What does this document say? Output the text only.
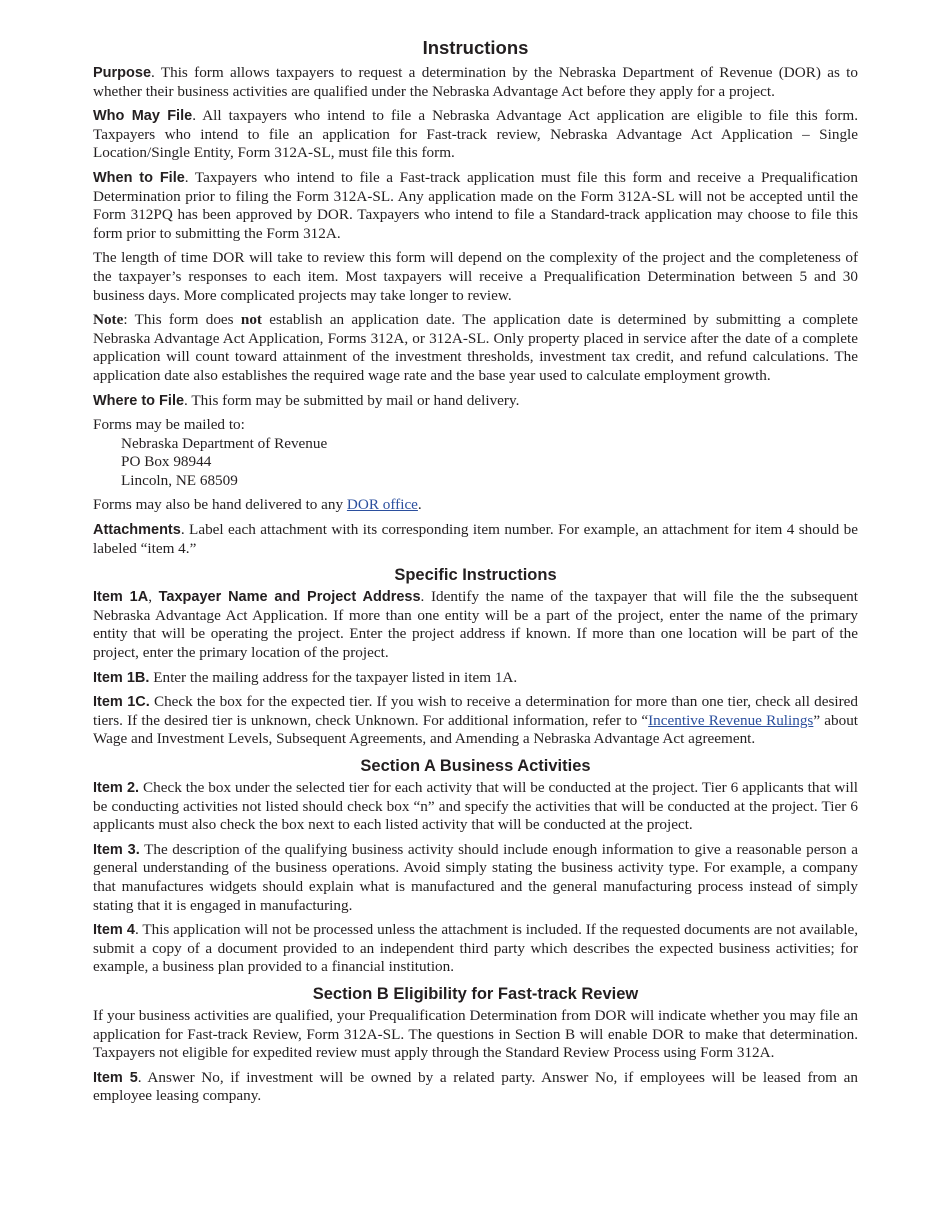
Instructions

Purpose. This form allows taxpayers to request a determination by the Nebraska Department of Revenue (DOR) as to whether their business activities are qualified under the Nebraska Advantage Act before they apply for a project.

Who May File. All taxpayers who intend to file a Nebraska Advantage Act application are eligible to file this form. Taxpayers who intend to file an application for Fast-track review, Nebraska Advantage Act Application – Single Location/Single Entity, Form 312A-SL, must file this form.

When to File. Taxpayers who intend to file a Fast-track application must file this form and receive a Prequalification Determination prior to filing the Form 312A-SL. Any application made on the Form 312A-SL will not be accepted until the Form 312PQ has been approved by DOR. Taxpayers who intend to file a Standard-track application may choose to file this form prior to submitting the Form 312A.

The length of time DOR will take to review this form will depend on the complexity of the project and the completeness of the taxpayer’s responses to each item. Most taxpayers will receive a Prequalification Determination between 5 and 30 business days. More complicated projects may take longer to review.

Note: This form does not establish an application date. The application date is determined by submitting a complete Nebraska Advantage Act Application, Forms 312A, or 312A-SL. Only property placed in service after the date of a complete application will count toward attainment of the investment thresholds, investment tax credit, and refund calculations. The application date also establishes the required wage rate and the base year used to calculate employment growth.

Where to File. This form may be submitted by mail or hand delivery.

Forms may be mailed to:
Nebraska Department of Revenue
PO Box 98944
Lincoln, NE 68509

Forms may also be hand delivered to any DOR office.

Attachments. Label each attachment with its corresponding item number. For example, an attachment for item 4 should be labeled “item 4.”

Specific Instructions

Item 1A, Taxpayer Name and Project Address. Identify the name of the taxpayer that will file the the subsequent Nebraska Advantage Act Application. If more than one entity will be a part of the project, enter the name of the primary entity that will be operating the project. Enter the project address if known. If more than one location will be part of the project, enter the primary location of the project.

Item 1B. Enter the mailing address for the taxpayer listed in item 1A.

Item 1C. Check the box for the expected tier. If you wish to receive a determination for more than one tier, check all desired tiers. If the desired tier is unknown, check Unknown. For additional information, refer to “Incentive Revenue Rulings” about Wage and Investment Levels, Subsequent Agreements, and Amending a Nebraska Advantage Act agreement.

Section A Business Activities

Item 2. Check the box under the selected tier for each activity that will be conducted at the project. Tier 6 applicants that will be conducting activities not listed should check box “n” and specify the activities that will be conducted at the project. Tier 6 applicants must also check the box next to each listed activity that will be conducted at the project.

Item 3. The description of the qualifying business activity should include enough information to give a reasonable person a general understanding of the business operations. Avoid simply stating the business activity type. For example, a company that manufactures widgets should explain what is manufactured and the general manufacturing process instead of simply stating that it is engaged in manufacturing.

Item 4. This application will not be processed unless the attachment is included. If the requested documents are not available, submit a copy of a document provided to an independent third party which describes the expected business activities; for example, a business plan provided to a financial institution.

Section B Eligibility for Fast-track Review

If your business activities are qualified, your Prequalification Determination from DOR will indicate whether you may file an application for Fast-track Review, Form 312A-SL. The questions in Section B will enable DOR to make that determination. Taxpayers not eligible for expedited review must apply through the Standard Review Process using Form 312A.

Item 5. Answer No, if investment will be owned by a related party. Answer No, if employees will be leased from an employee leasing company.
